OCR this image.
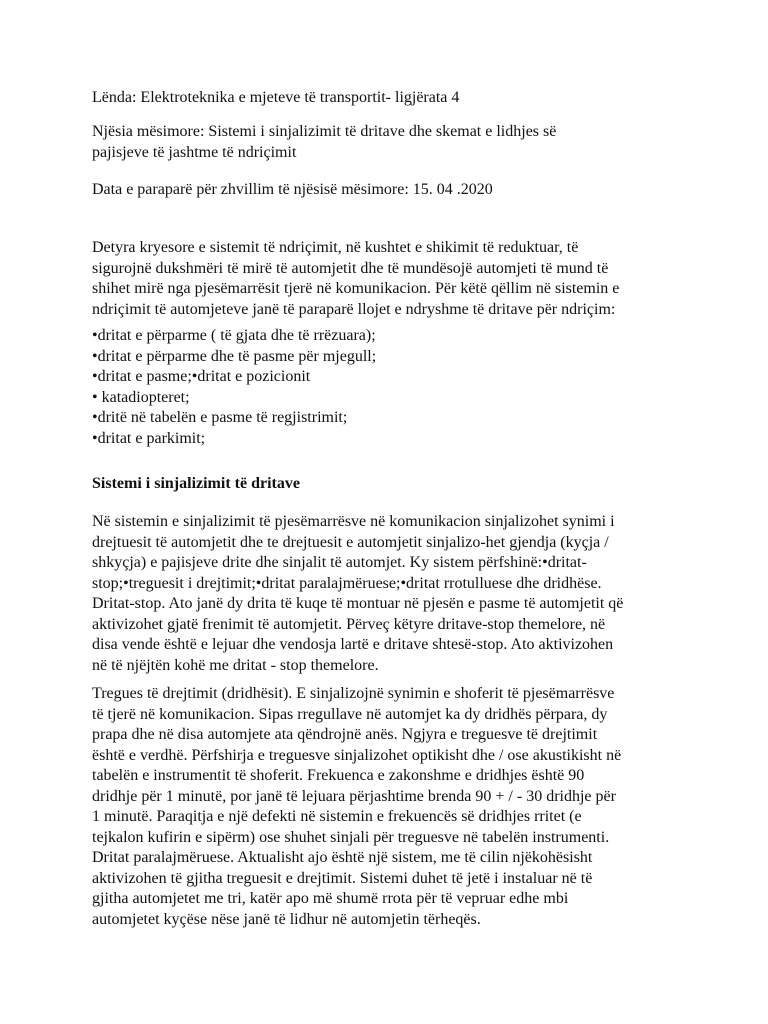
Lënda: Elektroteknika e mjeteve të transportit- ligjërata 4

Njësia mësimore: Sistemi i sinjalizimit të dritave dhe skemat e lidhjes së
pajisjeve të jashtme të ndriçimit

Data e paraparë për zhvillim të njësisë mësimore: 15. 04 .2020

Detyra kryesore e sistemit të ndriçimit, në kushtet e shikimit të reduktuar, të
sigurojnë dukshmëri të mirë të automjetit dhe të mundësojë automjeti të mund të
shihet mirë nga pjesëmarrësit tjerë në komunikacion. Për këtë qëllim në sistemin e
ndriçimit të automjeteve janë të paraparë llojet e ndryshme të dritave për ndriçim:

•dritat e përparme ( të gjata dhe të rrëzuara);
•dritat e përparme dhe të pasme për mjegull;
•dritat e pasme;•dritat e pozicionit
• katadiopteret;
•dritë në tabelën e pasme të regjistrimit;
•dritat e parkimit;
Sistemi i sinjalizimit të dritave

Në sistemin e sinjalizimit të pjesëmarrësve në komunikacion sinjalizohet synimi i
drejtuesit të automjetit dhe te drejtuesit e automjetit sinjalizo-het gjendja (kyçja /
shkyçja) e pajisjeve drite dhe sinjalit të automjet. Ky sistem përfshinë:•dritat-
stop;•treguesit i drejtimit;•dritat paralajmëruese;•dritat rrotulluese dhe dridhëse.
Dritat-stop. Ato janë dy drita të kuqe të montuar në pjesën e pasme të automjetit që
aktivizohet gjatë frenimit të automjetit. Përveç këtyre dritave-stop themelore, në
disa vende është e lejuar dhe vendosja lartë e dritave shtesë-stop. Ato aktivizohen
në të njëjtën kohë me dritat - stop themelore.

Tregues të drejtimit (dridhësit). E sinjalizojnë synimin e shoferit të pjesëmarrësve
të tjerë në komunikacion. Sipas rregullave në automjet ka dy dridhës përpara, dy
prapa dhe në disa automjete ata qëndrojnë anës. Ngjyra e treguesve të drejtimit
është e verdhë. Përfshirja e treguesve sinjalizohet optikisht dhe / ose akustikisht në
tabelën e instrumentit të shoferit. Frekuenca e zakonshme e dridhjes është 90
dridhje për 1 minutë, por janë të lejuara përjashtime brenda 90 + / - 30 dridhje për
1 minutë. Paraqitja e një defekti në sistemin e frekuencës së dridhjes rritet (e
tejkalon kufirin e sipërm) ose shuhet sinjali për treguesve në tabelën instrumenti.
Dritat paralajmëruese. Aktualisht ajo është një sistem, me të cilin njëkohësisht
aktivizohen të gjitha treguesit e drejtimit. Sistemi duhet të jetë i instaluar në të
gjitha automjetet me tri, katër apo më shumë rrota për të vepruar edhe mbi
automjetet kyçëse nëse janë të lidhur në automjetin tërheqës.
